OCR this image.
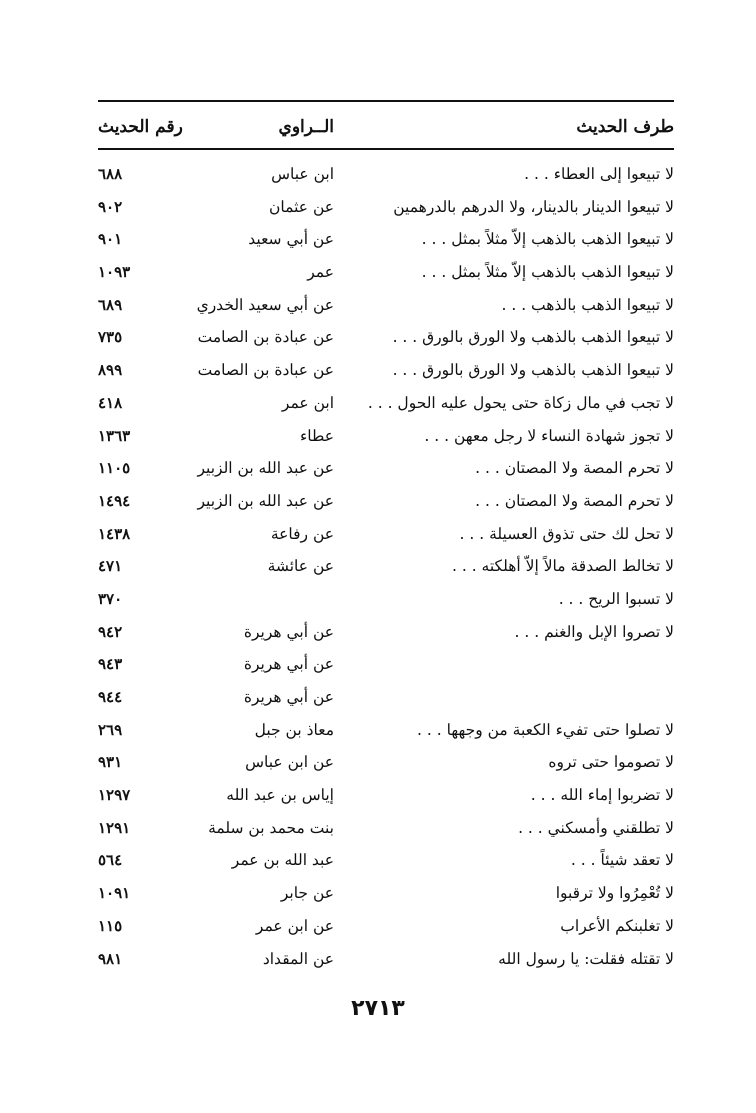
طرف الحديث
الــراوي
رقم الحديث
لا تبيعوا إلى العطاء . . .
ابن عباس
٦٨٨
لا تبيعوا الدينار بالدينار، ولا الدرهم بالدرهمين
عن عثمان
٩٠٢
لا تبيعوا الذهب بالذهب إلاّ مثلاً بمثل . . .
عن أبي سعيد
٩٠١
لا تبيعوا الذهب بالذهب إلاّ مثلاً بمثل . . .
عمر
١٠٩٣
لا تبيعوا الذهب بالذهب . . .
عن أبي سعيد الخدري
٦٨٩
لا تبيعوا الذهب بالذهب ولا الورق بالورق . . .
عن عبادة بن الصامت
٧٣٥
لا تبيعوا الذهب بالذهب ولا الورق بالورق . . .
عن عبادة بن الصامت
٨٩٩
لا تجب في مال زكاة حتى يحول عليه الحول . . .
ابن عمر
٤١٨
لا تجوز شهادة النساء لا رجل معهن . . .
عطاء
١٣٦٣
لا تحرم المصة ولا المصتان . . .
عن عبد الله بن الزبير
١١٠٥
لا تحرم المصة ولا المصتان . . .
عن عبد الله بن الزبير
١٤٩٤
لا تحل لك حتى تذوق العسيلة . . .
عن رفاعة
١٤٣٨
لا تخالط الصدقة مالاً إلاّ أهلكته . . .
عن عائشة
٤٧١
لا تسبوا الريح . . .
٣٧٠
لا تصروا الإبل والغنم . . .
عن أبي هريرة
٩٤٢
عن أبي هريرة
٩٤٣
عن أبي هريرة
٩٤٤
لا تصلوا حتى تفيء الكعبة من وجهها . . .
معاذ بن جبل
٢٦٩
لا تصوموا حتى تروه
عن ابن عباس
٩٣١
لا تضربوا إماء الله . . .
إياس بن عبد الله
١٢٩٧
لا تطلقني وأمسكني . . .
بنت محمد بن سلمة
١٢٩١
لا تعقد شيئاً . . .
عبد الله بن عمر
٥٦٤
لا تُعْمِرُوا ولا ترقبوا
عن جابر
١٠٩١
لا تغلبنكم الأعراب
عن ابن عمر
١١٥
لا تقتله فقلت: يا رسول الله
عن المقداد
٩٨١
٢٧١٣
